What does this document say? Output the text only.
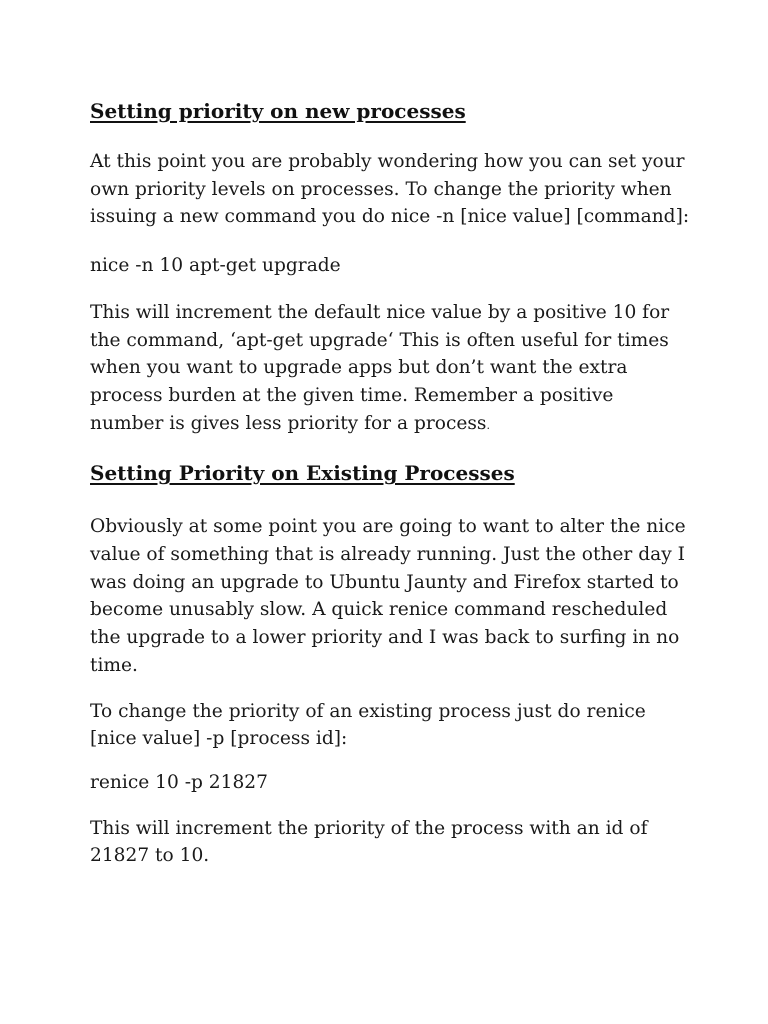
Setting priority on new processes

At this point you are probably wondering how you can set your own priority levels on processes. To change the priority when issuing a new command you do nice -n [nice value] [command]:

nice -n 10 apt-get upgrade

This will increment the default nice value by a positive 10 for the command, ‘apt-get upgrade‘ This is often useful for times when you want to upgrade apps but don’t want the extra process burden at the given time. Remember a positive number is gives less priority for a process.

Setting Priority on Existing Processes

Obviously at some point you are going to want to alter the nice value of something that is already running. Just the other day I was doing an upgrade to Ubuntu Jaunty and Firefox started to become unusably slow. A quick renice command rescheduled the upgrade to a lower priority and I was back to surfing in no time.

To change the priority of an existing process just do renice [nice value] -p [process id]:

renice 10 -p 21827

This will increment the priority of the process with an id of 21827 to 10.
